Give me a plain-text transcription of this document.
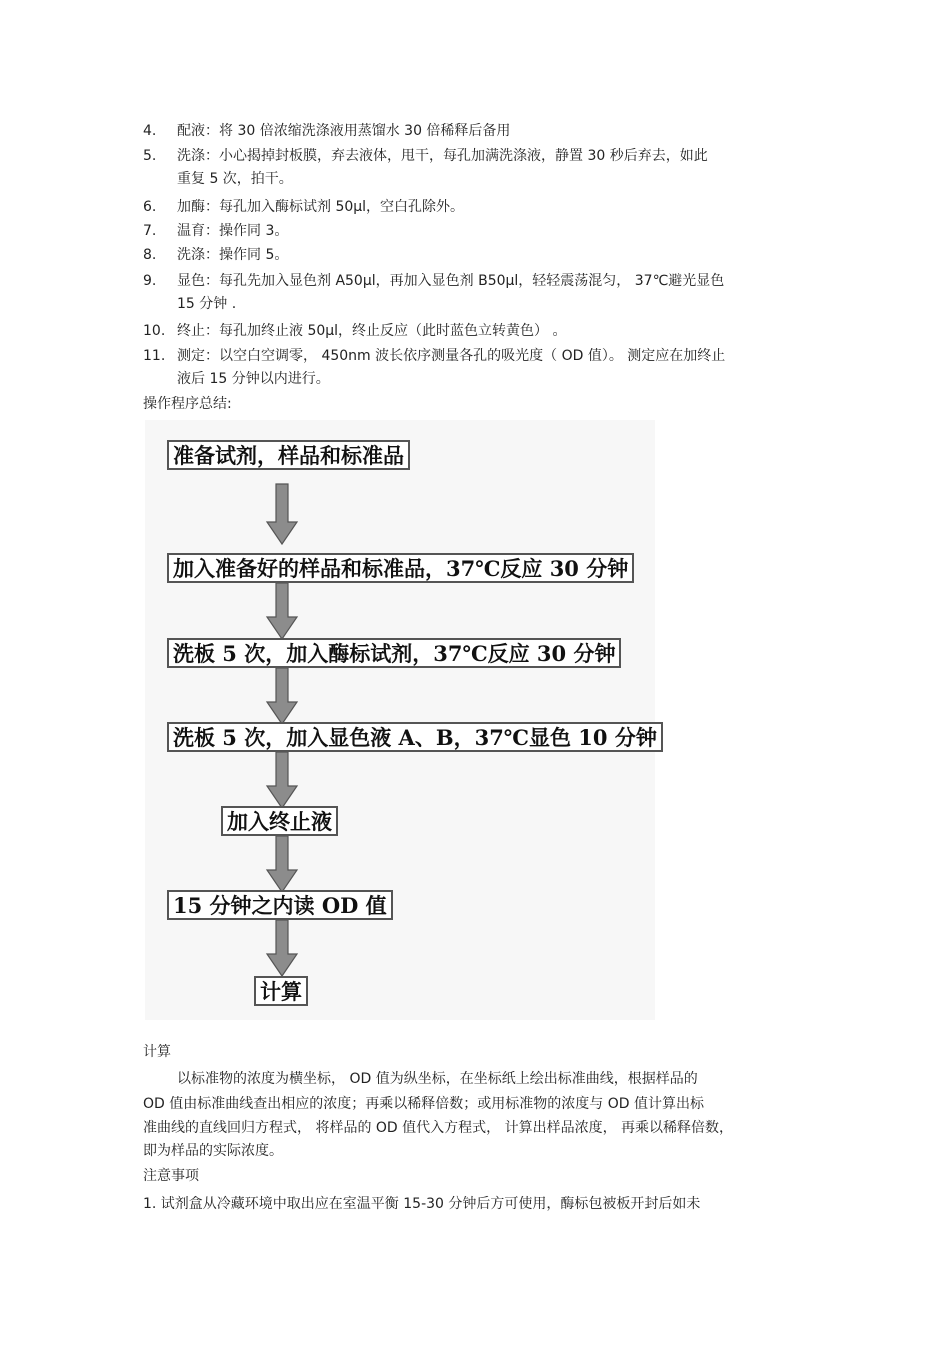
4. 配液：将 30 倍浓缩洗涤液用蒸馏水 30 倍稀释后备用
5. 洗涤：小心揭掉封板膜，弃去液体，甩干，每孔加满洗涤液，静置 30 秒后弃去，如此
重复 5 次，拍干。
6. 加酶：每孔加入酶标试剂 50μl，空白孔除外。
7. 温育：操作同 3。
8. 洗涤：操作同 5。
9. 显色：每孔先加入显色剂 A50μl，再加入显色剂 B50μl，轻轻震荡混匀， 37℃避光显色
15 分钟 .
10. 终止：每孔加终止液 50μl，终止反应（此时蓝色立转黄色） 。
11. 测定：以空白空调零， 450nm 波长依序测量各孔的吸光度（ OD 值）。 测定应在加终止
液后 15 分钟以内进行。
操作程序总结:
准备试剂，样品和标准品
加入准备好的样品和标准品，37℃反应 30 分钟
洗板 5 次，加入酶标试剂，37℃反应 30 分钟
洗板 5 次，加入显色液 A、B，37℃显色 10 分钟
加入终止液
15 分钟之内读 OD 值
计算
计算
以标准物的浓度为横坐标， OD 值为纵坐标，在坐标纸上绘出标准曲线，根据样品的
OD 值由标准曲线查出相应的浓度；再乘以稀释倍数；或用标准物的浓度与 OD 值计算出标
准曲线的直线回归方程式， 将样品的 OD 值代入方程式， 计算出样品浓度， 再乘以稀释倍数，
即为样品的实际浓度。
注意事项
1. 试剂盒从冷藏环境中取出应在室温平衡 15-30 分钟后方可使用，酶标包被板开封后如未
